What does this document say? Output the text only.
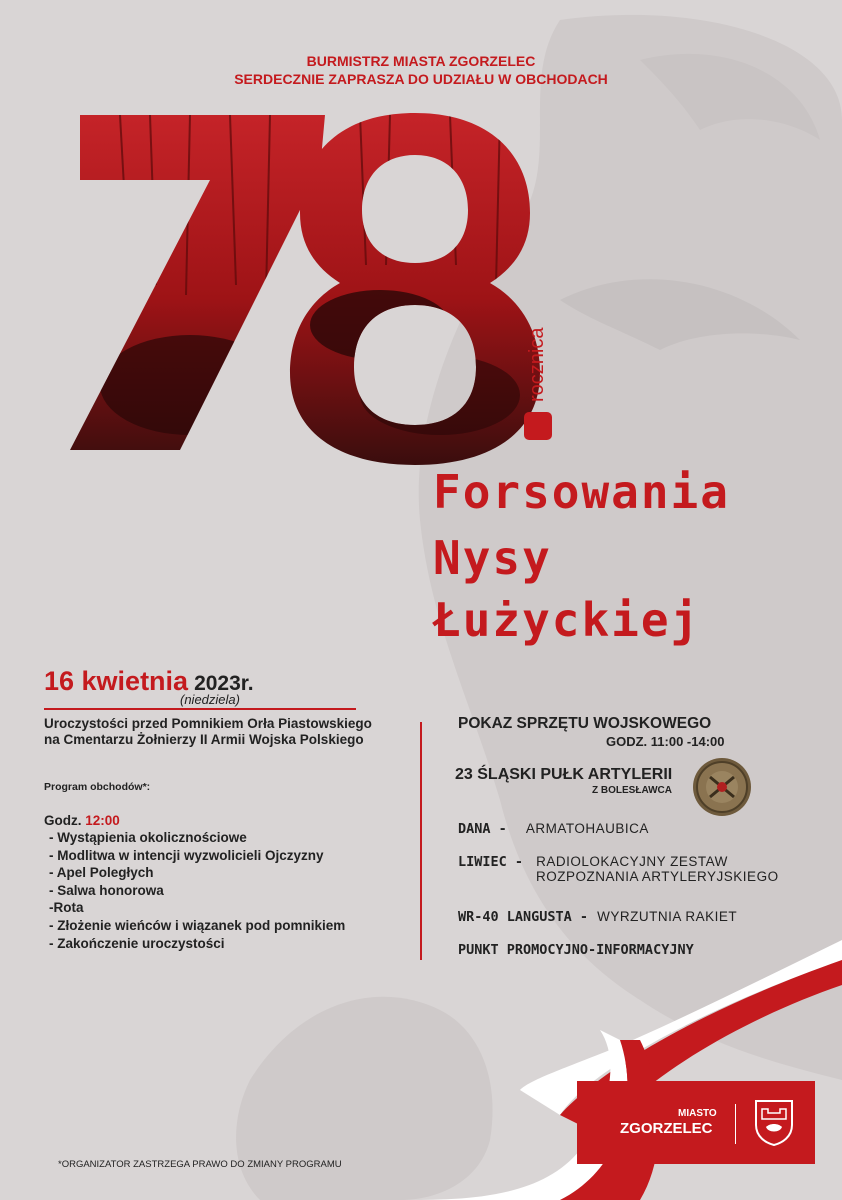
BURMISTRZ MIASTA ZGORZELEC
SERDECZNIE ZAPRASZA DO UDZIAŁU W OBCHODACH
78
rocznica
Forsowania
Nysy
Łużyckiej
16 kwietnia 2023r.
(niedziela)
Uroczystości przed Pomnikiem Orła Piastowskiego
na Cmentarzu Żołnierzy II Armii Wojska Polskiego
Program obchodów*:
Godz. 12:00
- Wystąpienia okolicznościowe
- Modlitwa w intencji wyzwolicieli Ojczyzny
- Apel Poległych
- Salwa honorowa
-Rota
- Złożenie wieńców i wiązanek pod pomnikiem
- Zakończenie uroczystości
POKAZ SPRZĘTU WOJSKOWEGO
GODZ. 11:00 -14:00
23 ŚLĄSKI PUŁK ARTYLERII
Z BOLESŁAWCA
DANA - ARMATOHAUBICA
LIWIEC - RADIOLOKACYJNY ZESTAW
ROZPOZNANIA ARTYLERYJSKIEGO
WR-40 LANGUSTA - WYRZUTNIA RAKIET
PUNKT PROMOCYJNO-INFORMACYJNY
MIASTO
ZGORZELEC
*ORGANIZATOR ZASTRZEGA PRAWO DO ZMIANY PROGRAMU
